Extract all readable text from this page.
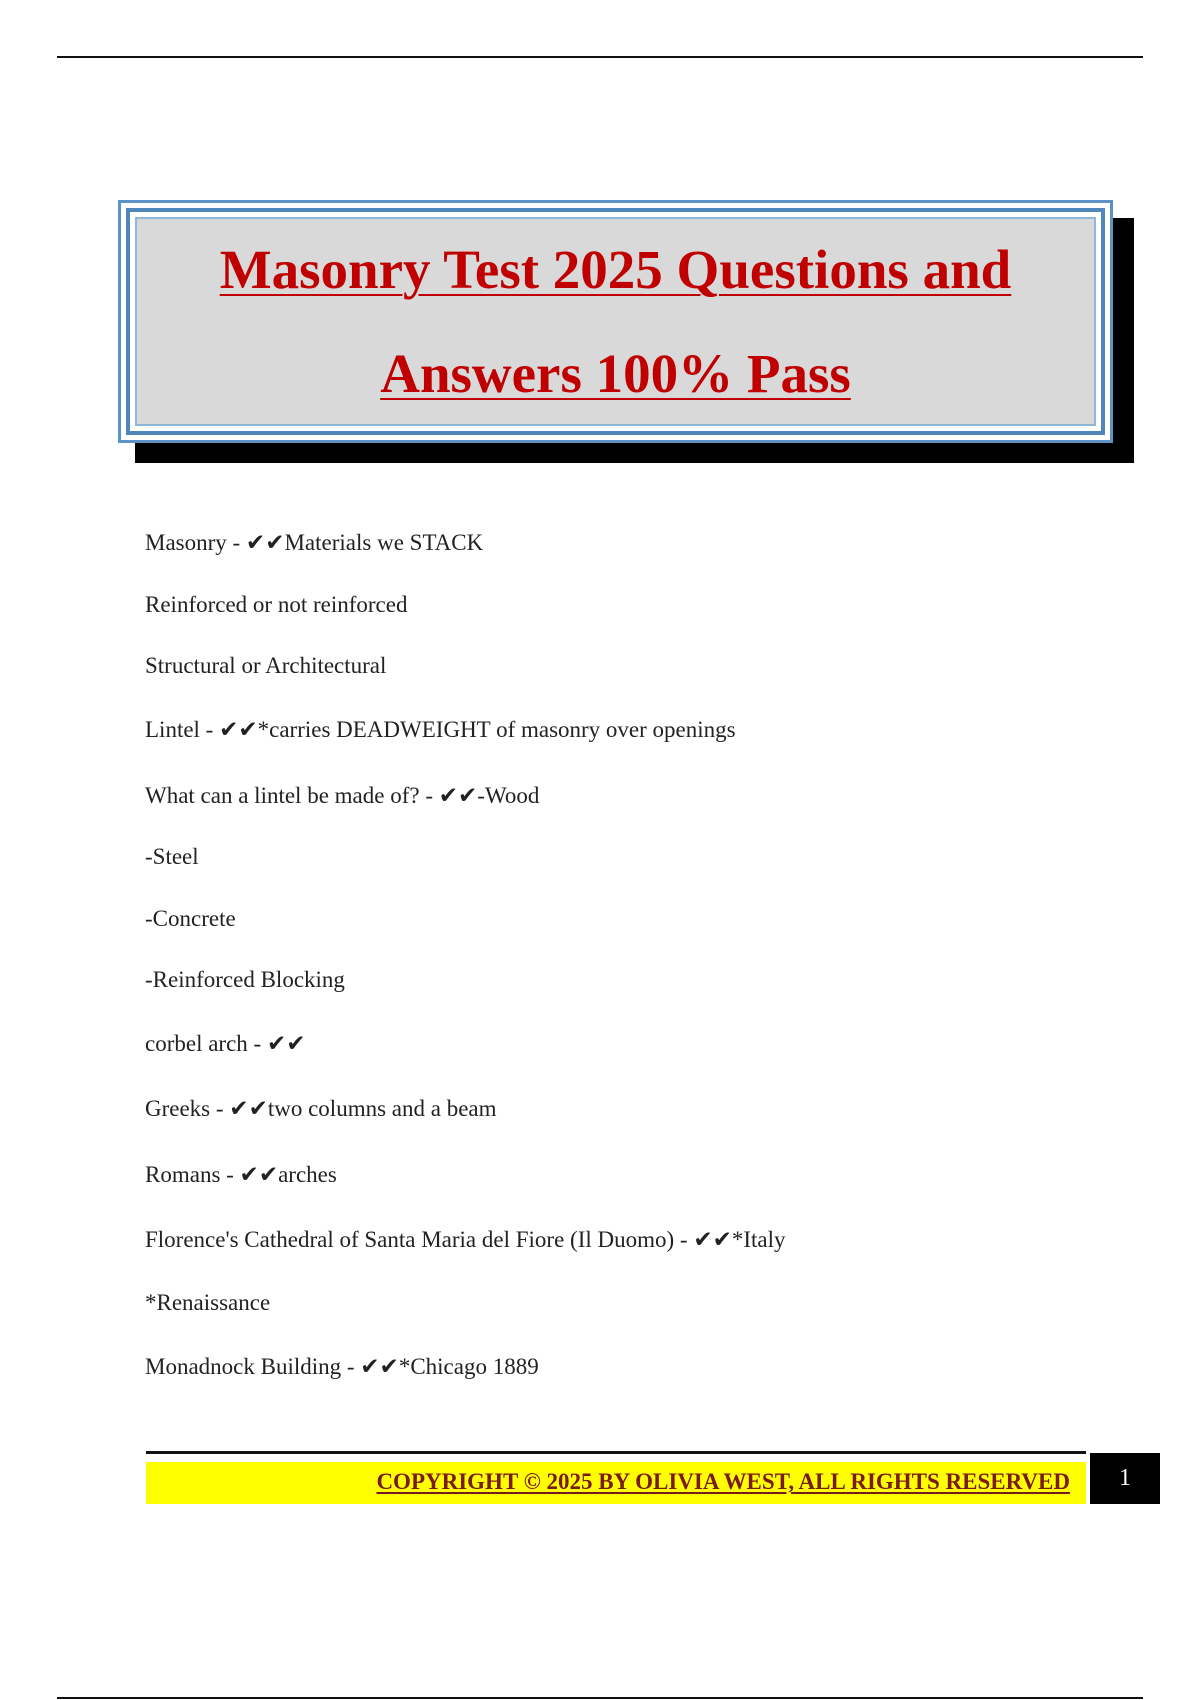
Masonry Test 2025 Questions and
Answers 100% Pass
Masonry - ✔✔Materials we STACK
Reinforced or not reinforced
Structural or Architectural
Lintel - ✔✔*carries DEADWEIGHT of masonry over openings
What can a lintel be made of? - ✔✔-Wood
-Steel
-Concrete
-Reinforced Blocking
corbel arch - ✔✔
Greeks - ✔✔two columns and a beam
Romans - ✔✔arches
Florence's Cathedral of Santa Maria del Fiore (Il Duomo) - ✔✔*Italy
*Renaissance
Monadnock Building - ✔✔*Chicago 1889
COPYRIGHT © 2025 BY OLIVIA WEST, ALL RIGHTS RESERVED 1
